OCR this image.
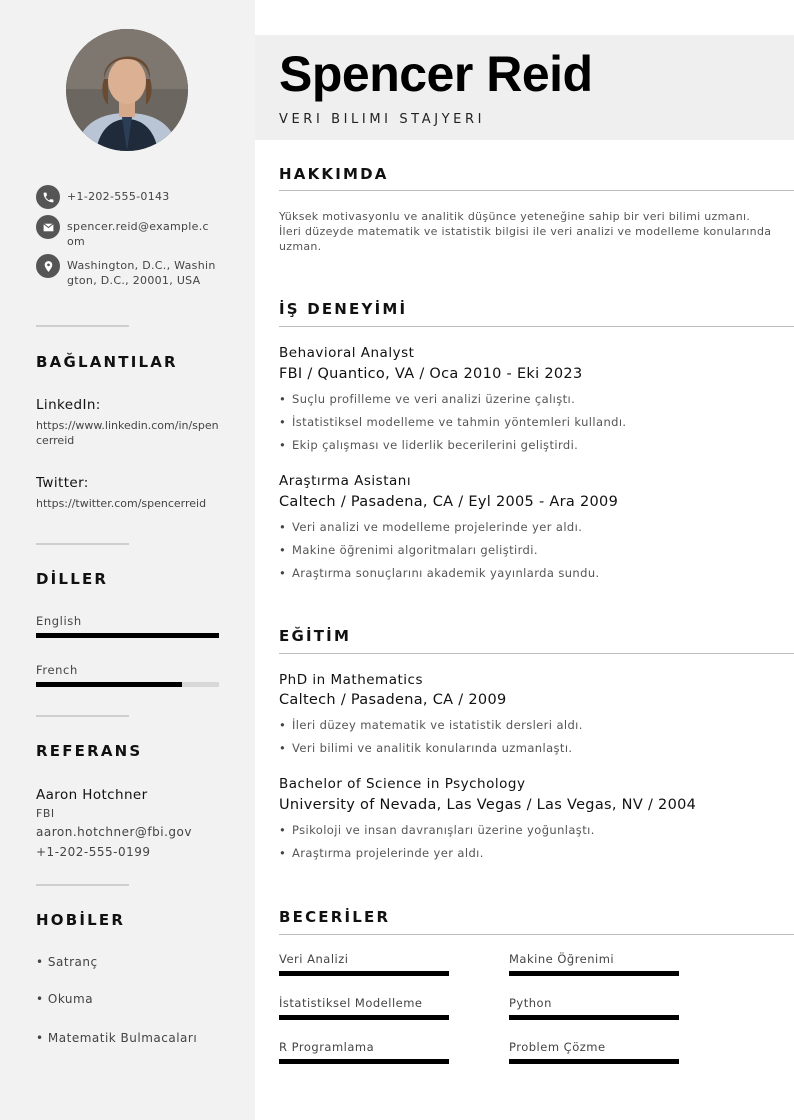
+1-202-555-0143
spencer.reid@example.com
Washington, D.C., Washington, D.C., 20001, USA
BAĞLANTILAR
LinkedIn:
https://www.linkedin.com/in/spencerreid
Twitter:
https://twitter.com/spencerreid
DİLLER
English
French
REFERANS
Aaron Hotchner
FBI
aaron.hotchner@fbi.gov
+1-202-555-0199
HOBİLER
• Satranç
• Okuma
• Matematik Bulmacaları
Spencer Reid
VERI BILIMI STAJYERI
HAKKIMDA
Yüksek motivasyonlu ve analitik düşünce yeteneğine sahip bir veri bilimi uzmanı. İleri düzeyde matematik ve istatistik bilgisi ile veri analizi ve modelleme konularında uzman.
İŞ DENEYİMİ
Behavioral Analyst
FBI / Quantico, VA / Oca 2010 - Eki 2023
• Suçlu profilleme ve veri analizi üzerine çalıştı.
• İstatistiksel modelleme ve tahmin yöntemleri kullandı.
• Ekip çalışması ve liderlik becerilerini geliştirdi.
Araştırma Asistanı
Caltech / Pasadena, CA / Eyl 2005 - Ara 2009
• Veri analizi ve modelleme projelerinde yer aldı.
• Makine öğrenimi algoritmaları geliştirdi.
• Araştırma sonuçlarını akademik yayınlarda sundu.
EĞİTİM
PhD in Mathematics
Caltech / Pasadena, CA / 2009
• İleri düzey matematik ve istatistik dersleri aldı.
• Veri bilimi ve analitik konularında uzmanlaştı.
Bachelor of Science in Psychology
University of Nevada, Las Vegas / Las Vegas, NV / 2004
• Psikoloji ve insan davranışları üzerine yoğunlaştı.
• Araştırma projelerinde yer aldı.
BECERİLER
Veri Analizi	Makine Öğrenimi
İstatistiksel Modelleme	Python
R Programlama	Problem Çözme
